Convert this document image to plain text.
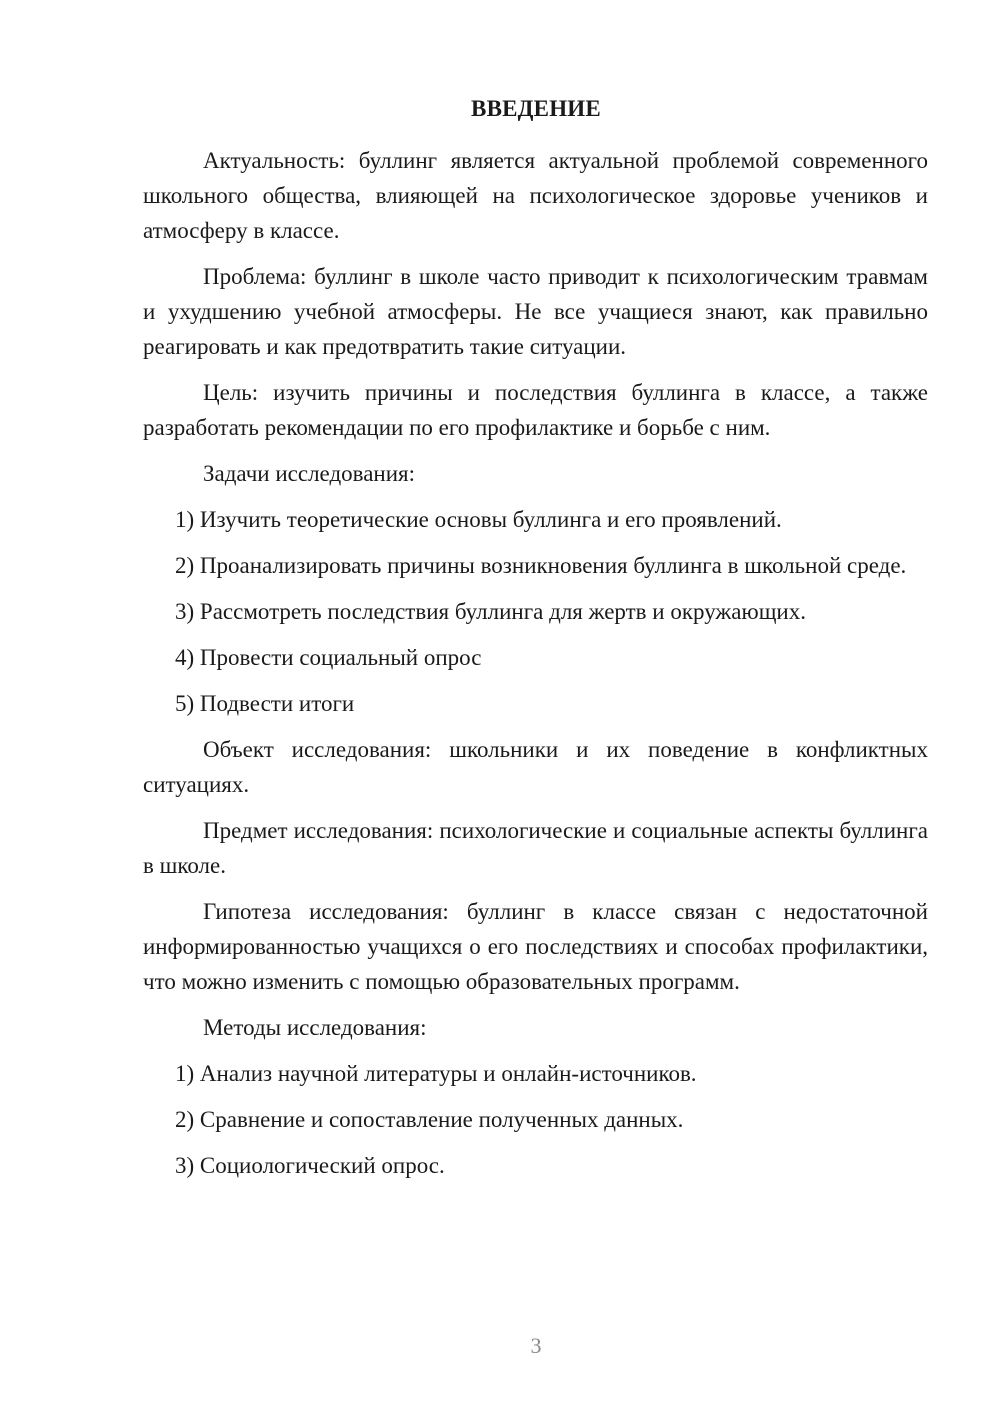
ВВЕДЕНИЕ

Актуальность: буллинг является актуальной проблемой современного школьного общества, влияющей на психологическое здоровье учеников и атмосферу в классе.

Проблема: буллинг в школе часто приводит к психологическим травмам и ухудшению учебной атмосферы. Не все учащиеся знают, как правильно реагировать и как предотвратить такие ситуации.

Цель: изучить причины и последствия буллинга в классе, а также разработать рекомендации по его профилактике и борьбе с ним.

Задачи исследования:

1) Изучить теоретические основы буллинга и его проявлений.

2) Проанализировать причины возникновения буллинга в школьной среде.

3) Рассмотреть последствия буллинга для жертв и окружающих.

4) Провести социальный опрос

5) Подвести итоги

Объект исследования: школьники и их поведение в конфликтных ситуациях.

Предмет исследования: психологические и социальные аспекты буллинга в школе.

Гипотеза исследования: буллинг в классе связан с недостаточной информированностью учащихся о его последствиях и способах профилактики, что можно изменить с помощью образовательных программ.

Методы исследования:

1) Анализ научной литературы и онлайн-источников.

2) Сравнение и сопоставление полученных данных.

3) Социологический опрос.

3
